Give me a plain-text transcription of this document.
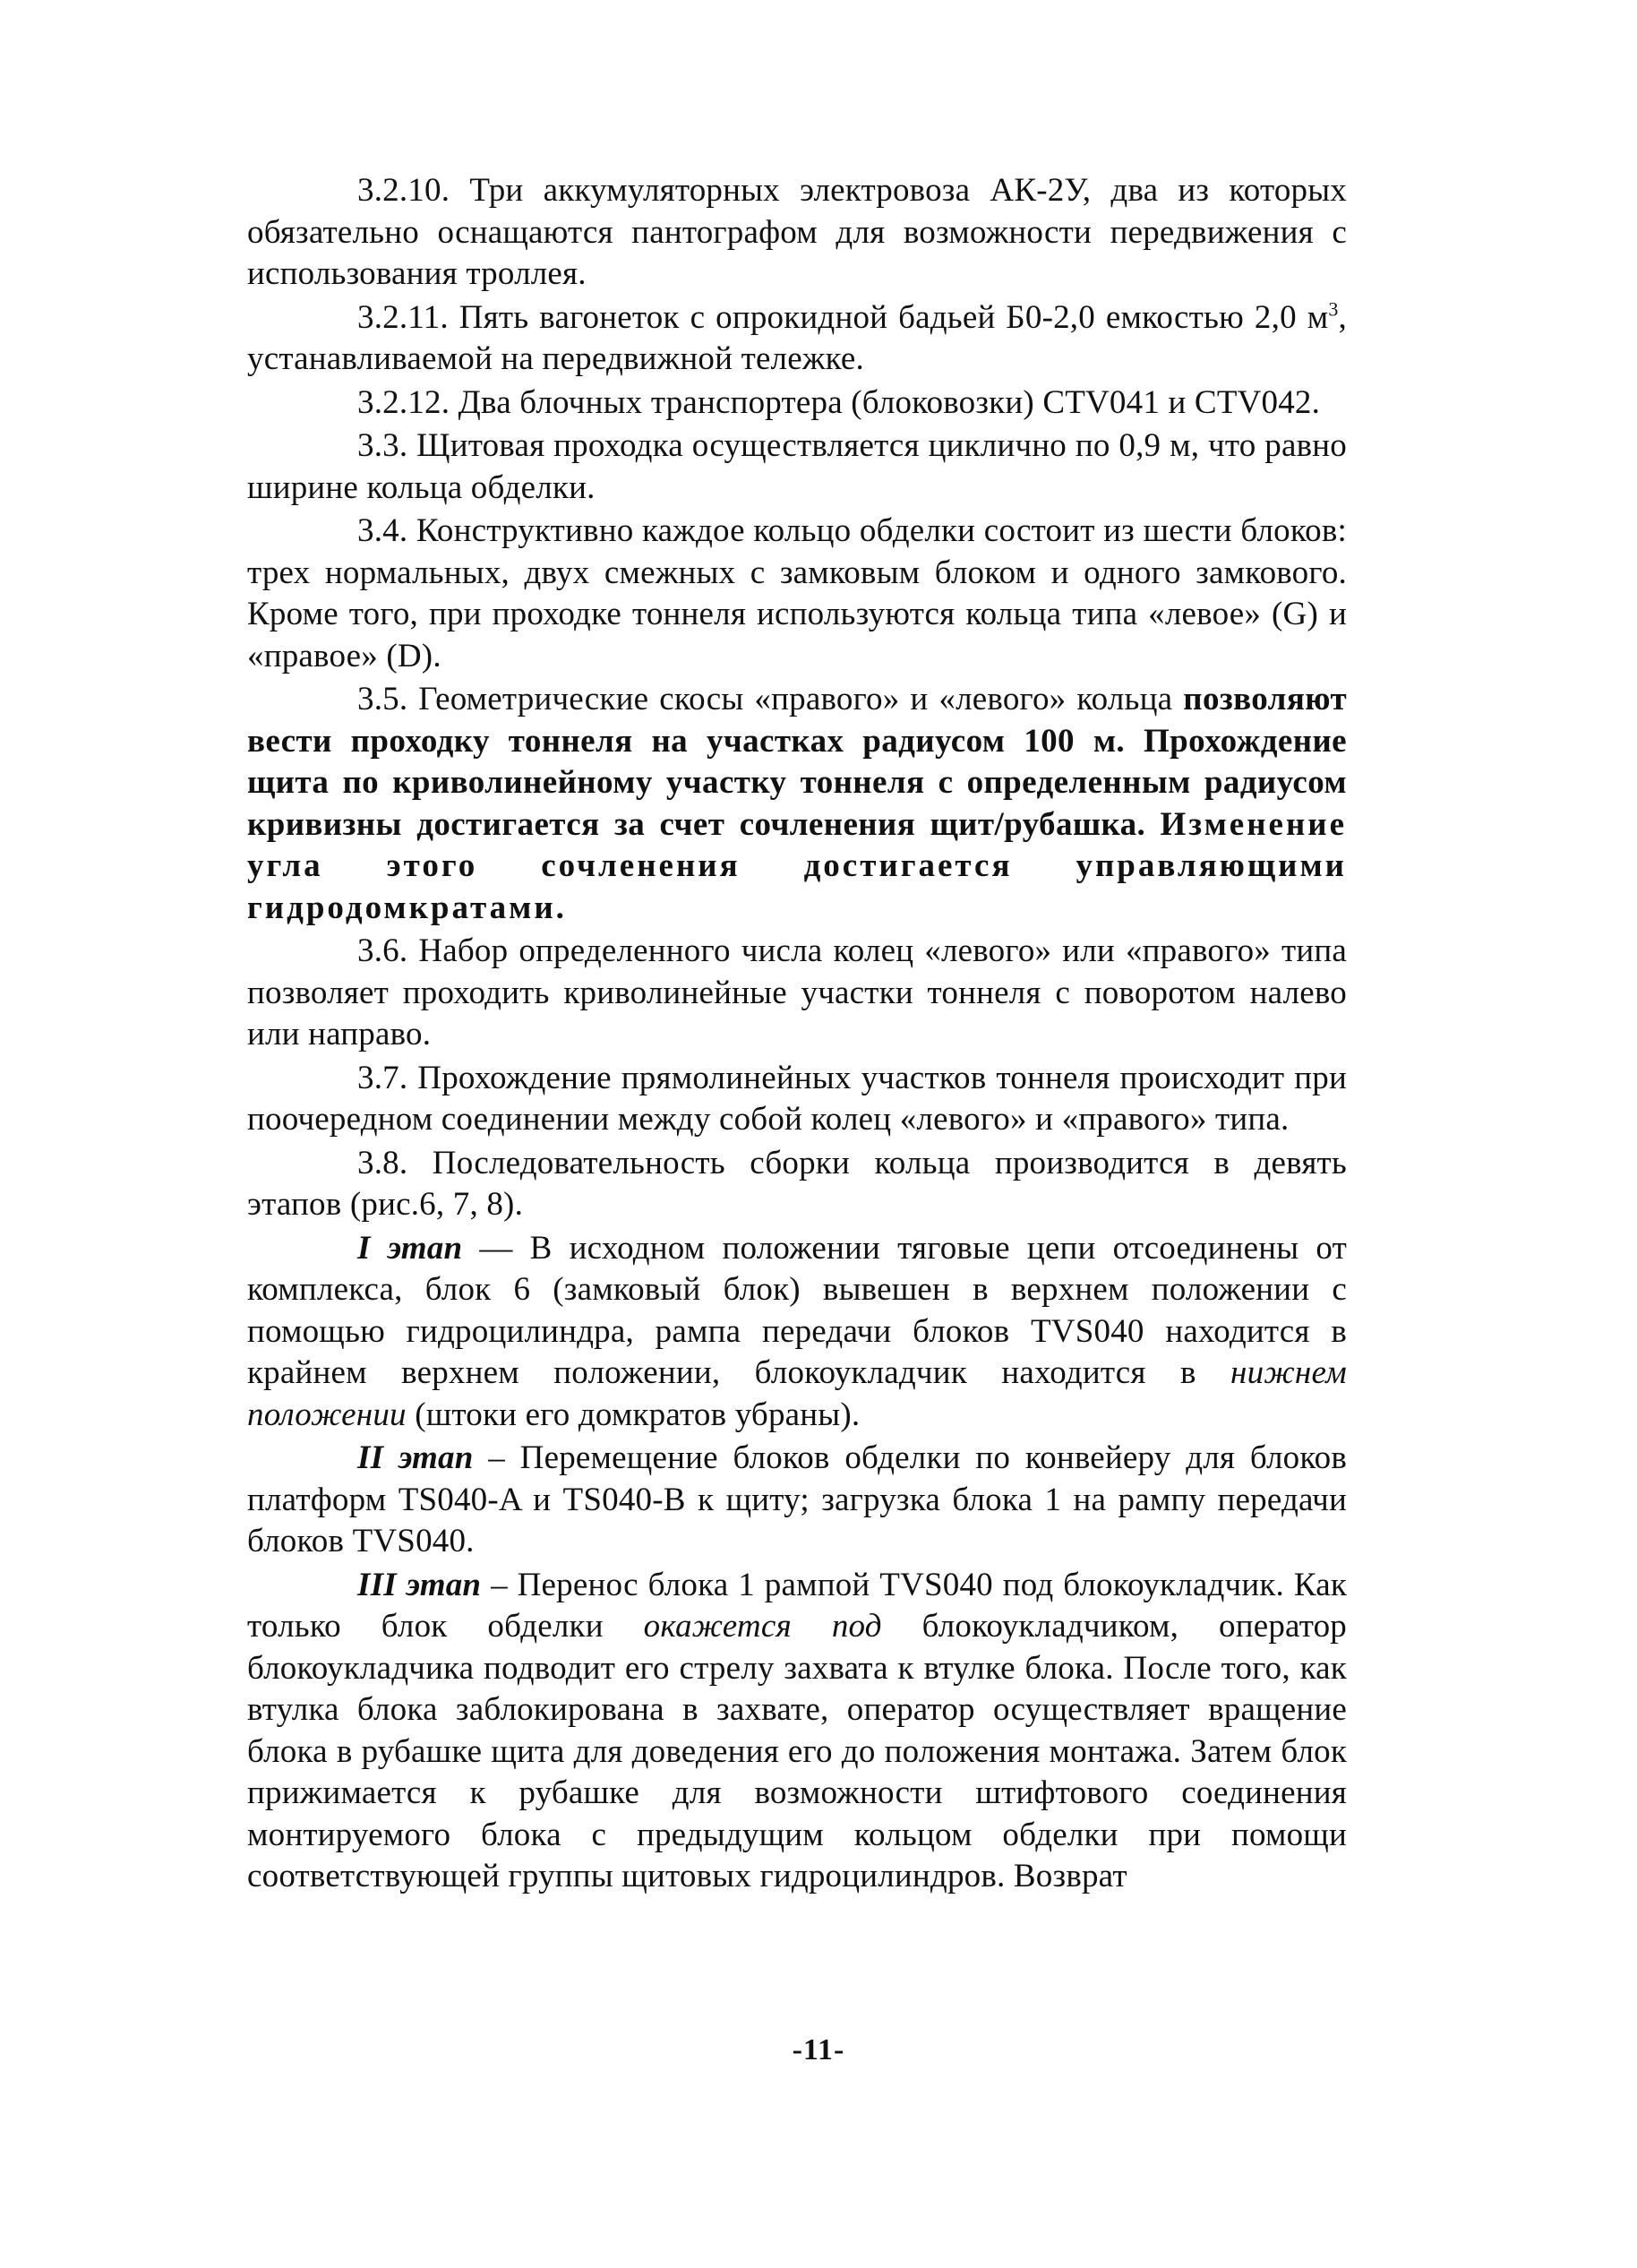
3.2.10. Три аккумуляторных электровоза АК-2У, два из которых обязательно оснащаются пантографом для возможности передвижения с использования троллея.

3.2.11. Пять вагонеток с опрокидной бадьей Б0-2,0 емкостью 2,0 $м^3$, устанавливаемой на передвижной тележке.

3.2.12. Два блочных транспортера (блоковозки) CTV041 и CTV042.

3.3. Щитовая проходка осуществляется циклично по 0,9 м, что равно ширине кольца обделки.

3.4. Конструктивно каждое кольцо обделки состоит из шести блоков: трех нормальных, двух смежных с замковым блоком и одного замкового. Кроме того, при проходке тоннеля используются кольца типа «левое» (G) и «правое» (D).

3.5. Геометрические скосы «правого» и «левого» кольца позволяют вести проходку тоннеля на участках радиусом 100 м. Прохождение щита по криволинейному участку тоннеля с определенным радиусом кривизны достигается за счет сочленения щит/рубашка. Изменение угла этого сочленения достигается управляющими гидродомкратами.

3.6. Набор определенного числа колец «левого» или «правого» типа позволяет проходить криволинейные участки тоннеля с поворотом налево или направо.

3.7. Прохождение прямолинейных участков тоннеля происходит при поочередном соединении между собой колец «левого» и «правого» типа.

3.8. Последовательность сборки кольца производится в девять этапов (рис.6, 7, 8).

I этап — В исходном положении тяговые цепи отсоединены от комплекса, блок 6 (замковый блок) вывешен в верхнем положении с помощью гидроцилиндра, рампа передачи блоков TVS040 находится в крайнем верхнем положении, блокоукладчик находится в нижнем положении (штоки его домкратов убраны).

II этап – Перемещение блоков обделки по конвейеру для блоков платформ TS040-A и TS040-B к щиту; загрузка блока 1 на рампу передачи блоков TVS040.

III этап – Перенос блока 1 рампой TVS040 под блокоукладчик. Как только блок обделки окажется под блокоукладчиком, оператор блокоукладчика подводит его стрелу захвата к втулке блока. После того, как втулка блока заблокирована в захвате, оператор осуществляет вращение блока в рубашке щита для доведения его до положения монтажа. Затем блок прижимается к рубашке для возможности штифтового соединения монтируемого блока с предыдущим кольцом обделки при помощи соответствующей группы щитовых гидроцилиндров. Возврат

-11-
